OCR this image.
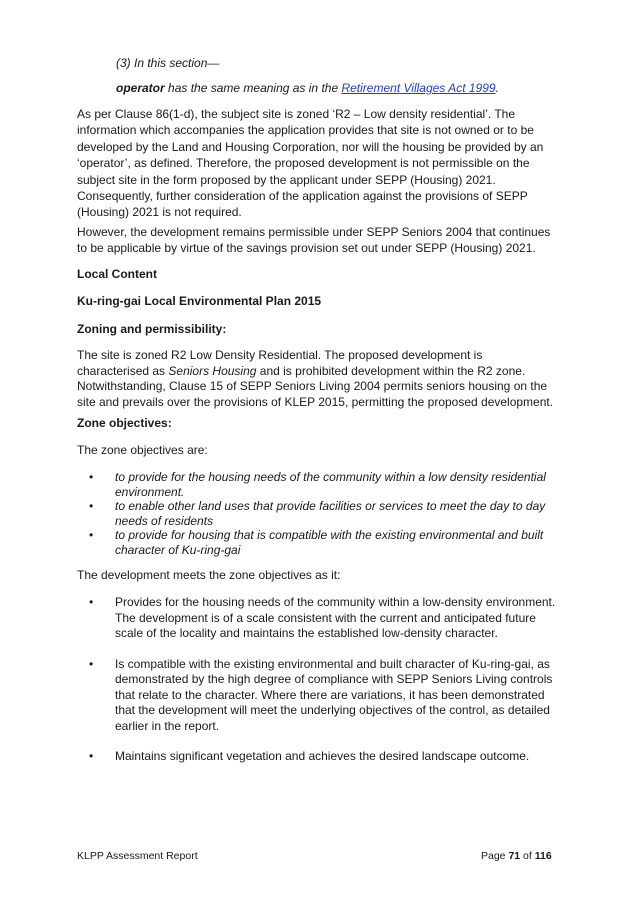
(3) In this section—

operator has the same meaning as in the Retirement Villages Act 1999.

As per Clause 86(1-d), the subject site is zoned ‘R2 – Low density residential’. The information which accompanies the application provides that site is not owned or to be developed by the Land and Housing Corporation, nor will the housing be provided by an ‘operator’, as defined. Therefore, the proposed development is not permissible on the subject site in the form proposed by the applicant under SEPP (Housing) 2021. Consequently, further consideration of the application against the provisions of SEPP (Housing) 2021 is not required.

However, the development remains permissible under SEPP Seniors 2004 that continues to be applicable by virtue of the savings provision set out under SEPP (Housing) 2021.

Local Content

Ku-ring-gai Local Environmental Plan 2015

Zoning and permissibility:

The site is zoned R2 Low Density Residential. The proposed development is characterised as Seniors Housing and is prohibited development within the R2 zone. Notwithstanding, Clause 15 of SEPP Seniors Living 2004 permits seniors housing on the site and prevails over the provisions of KLEP 2015, permitting the proposed development.

Zone objectives:

The zone objectives are:

• to provide for the housing needs of the community within a low density residential environment.
• to enable other land uses that provide facilities or services to meet the day to day needs of residents
• to provide for housing that is compatible with the existing environmental and built character of Ku-ring-gai

The development meets the zone objectives as it:

• Provides for the housing needs of the community within a low-density environment. The development is of a scale consistent with the current and anticipated future scale of the locality and maintains the established low-density character.
• Is compatible with the existing environmental and built character of Ku-ring-gai, as demonstrated by the high degree of compliance with SEPP Seniors Living controls that relate to the character. Where there are variations, it has been demonstrated that the development will meet the underlying objectives of the control, as detailed earlier in the report.
• Maintains significant vegetation and achieves the desired landscape outcome.
KLPP Assessment Report	Page 71 of 116
